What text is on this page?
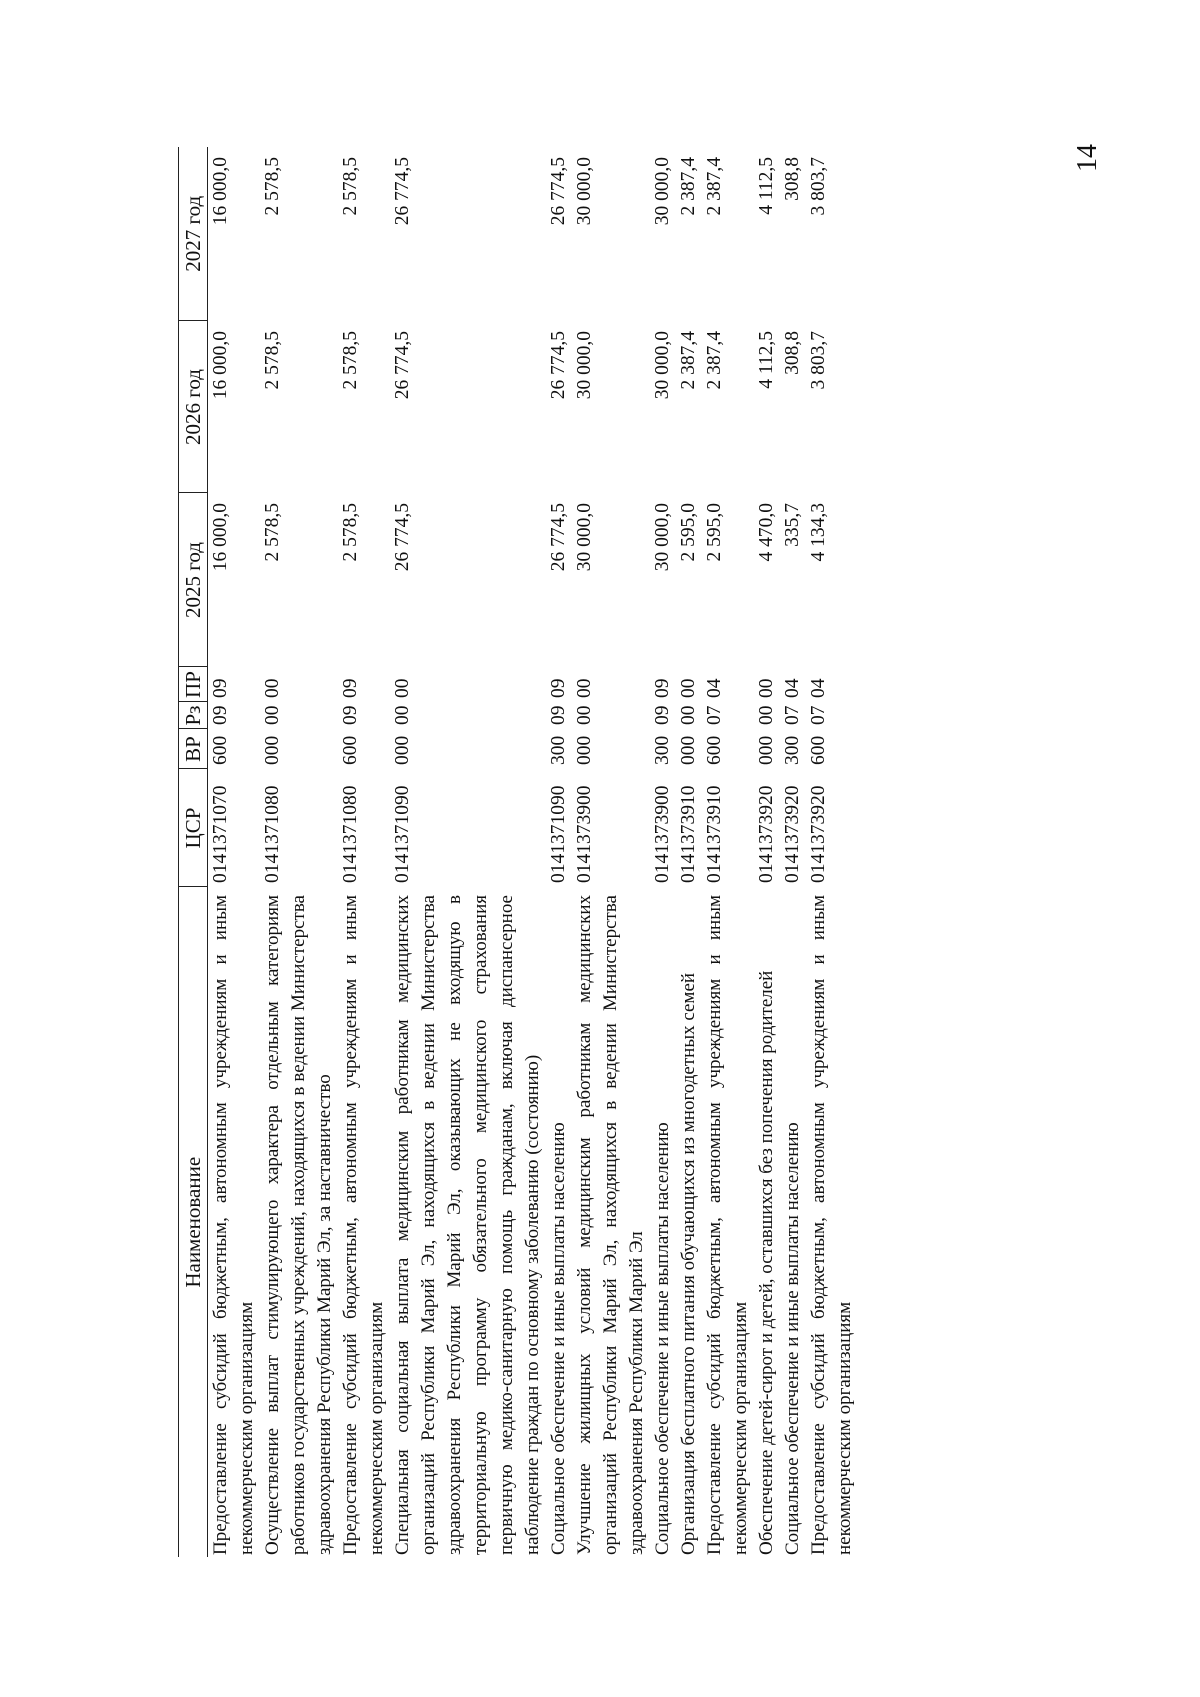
14
Наименование	ЦСР	ВР	Рз	ПР	2025 год	2026 год	2027 год
Предоставление субсидий бюджетным, автономным учреждениям и иным некоммерческим организациям	0141371070	600	09	09	16 000,0	16 000,0	16 000,0
Осуществление выплат стимулирующего характера отдельным категориям работников государственных учреждений, находящихся в ведении Министерства здравоохранения Республики Марий Эл, за наставничество	0141371080	000	00	00	2 578,5	2 578,5	2 578,5
Предоставление субсидий бюджетным, автономным учреждениям и иным некоммерческим организациям	0141371080	600	09	09	2 578,5	2 578,5	2 578,5
Специальная социальная выплата медицинским работникам медицинских организаций Республики Марий Эл, находящихся в ведении Министерства здравоохранения Республики Марий Эл, оказывающих не входящую в территориальную программу обязательного медицинского страхования первичную медико-санитарную помощь гражданам, включая диспансерное наблюдение граждан по основному заболеванию (состоянию)	0141371090	000	00	00	26 774,5	26 774,5	26 774,5
Социальное обеспечение и иные выплаты населению	0141371090	300	09	09	26 774,5	26 774,5	26 774,5
Улучшение жилищных условий медицинским работникам медицинских организаций Республики Марий Эл, находящихся в ведении Министерства здравоохранения Республики Марий Эл	0141373900	000	00	00	30 000,0	30 000,0	30 000,0
Социальное обеспечение и иные выплаты населению	0141373900	300	09	09	30 000,0	30 000,0	30 000,0
Организация бесплатного питания обучающихся из многодетных семей	0141373910	000	00	00	2 595,0	2 387,4	2 387,4
Предоставление субсидий бюджетным, автономным учреждениям и иным некоммерческим организациям	0141373910	600	07	04	2 595,0	2 387,4	2 387,4
Обеспечение детей-сирот и детей, оставшихся без попечения родителей	0141373920	000	00	00	4 470,0	4 112,5	4 112,5
Социальное обеспечение и иные выплаты населению	0141373920	300	07	04	335,7	308,8	308,8
Предоставление субсидий бюджетным, автономным учреждениям и иным некоммерческим организациям	0141373920	600	07	04	4 134,3	3 803,7	3 803,7
